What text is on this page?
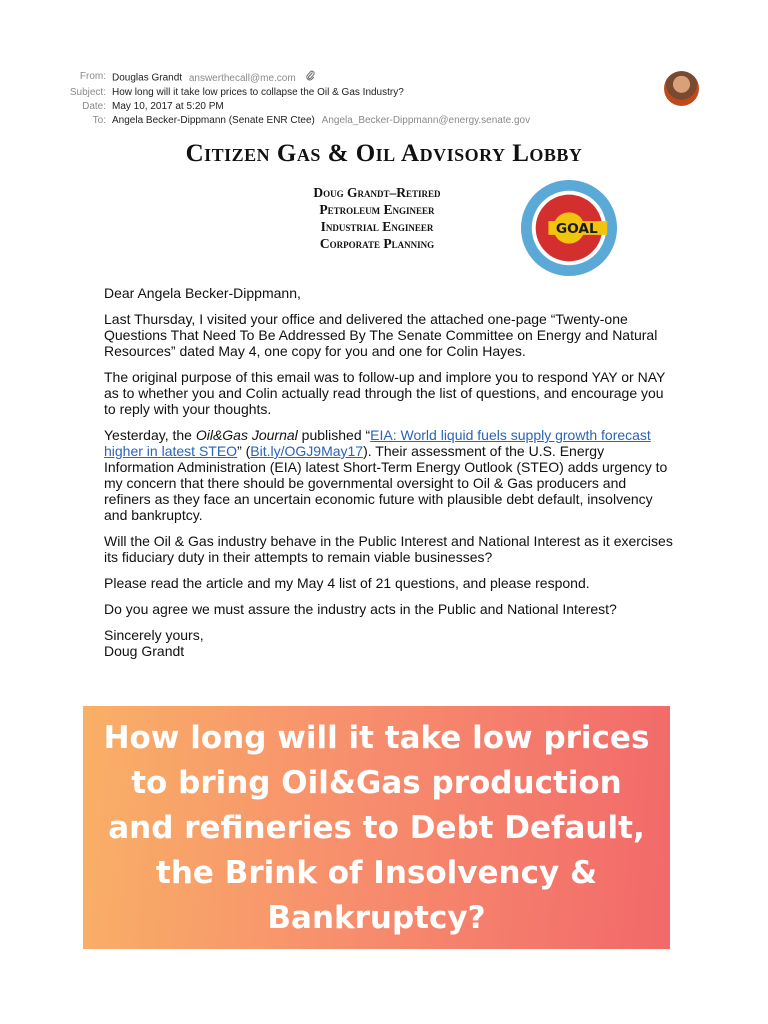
From: Douglas Grandt answerthecall@me.com
Subject: How long will it take low prices to collapse the Oil & Gas Industry?
Date: May 10, 2017 at 5:20 PM
To: Angela Becker-Dippmann (Senate ENR Ctee) Angela_Becker-Dippmann@energy.senate.gov
Citizen Gas & Oil Advisory Lobby
Doug Grandt–Retired
Petroleum Engineer
Industrial Engineer
Corporate Planning
GOAL

Dear Angela Becker-Dippmann,

Last Thursday, I visited your office and delivered the attached one-page “Twenty-one Questions That Need To Be Addressed By The Senate Committee on Energy and Natural Resources” dated May 4, one copy for you and one for Colin Hayes.

The original purpose of this email was to follow-up and implore you to respond YAY or NAY as to whether you and Colin actually read through the list of questions, and encourage you to reply with your thoughts.

Yesterday, the Oil&Gas Journal published “EIA: World liquid fuels supply growth forecast higher in latest STEO” (Bit.ly/OGJ9May17). Their assessment of the U.S. Energy Information Administration (EIA) latest Short-Term Energy Outlook (STEO) adds urgency to my concern that there should be governmental oversight to Oil & Gas producers and refiners as they face an uncertain economic future with plausible debt default, insolvency and bankruptcy.

Will the Oil & Gas industry behave in the Public Interest and National Interest as it exercises its fiduciary duty in their attempts to remain viable businesses?

Please read the article and my May 4 list of 21 questions, and please respond.

Do you agree we must assure the industry acts in the Public and National Interest?

Sincerely yours,
Doug Grandt

How long will it take low prices
to bring Oil&Gas production
and refineries to Debt Default,
the Brink of Insolvency &
Bankruptcy?
